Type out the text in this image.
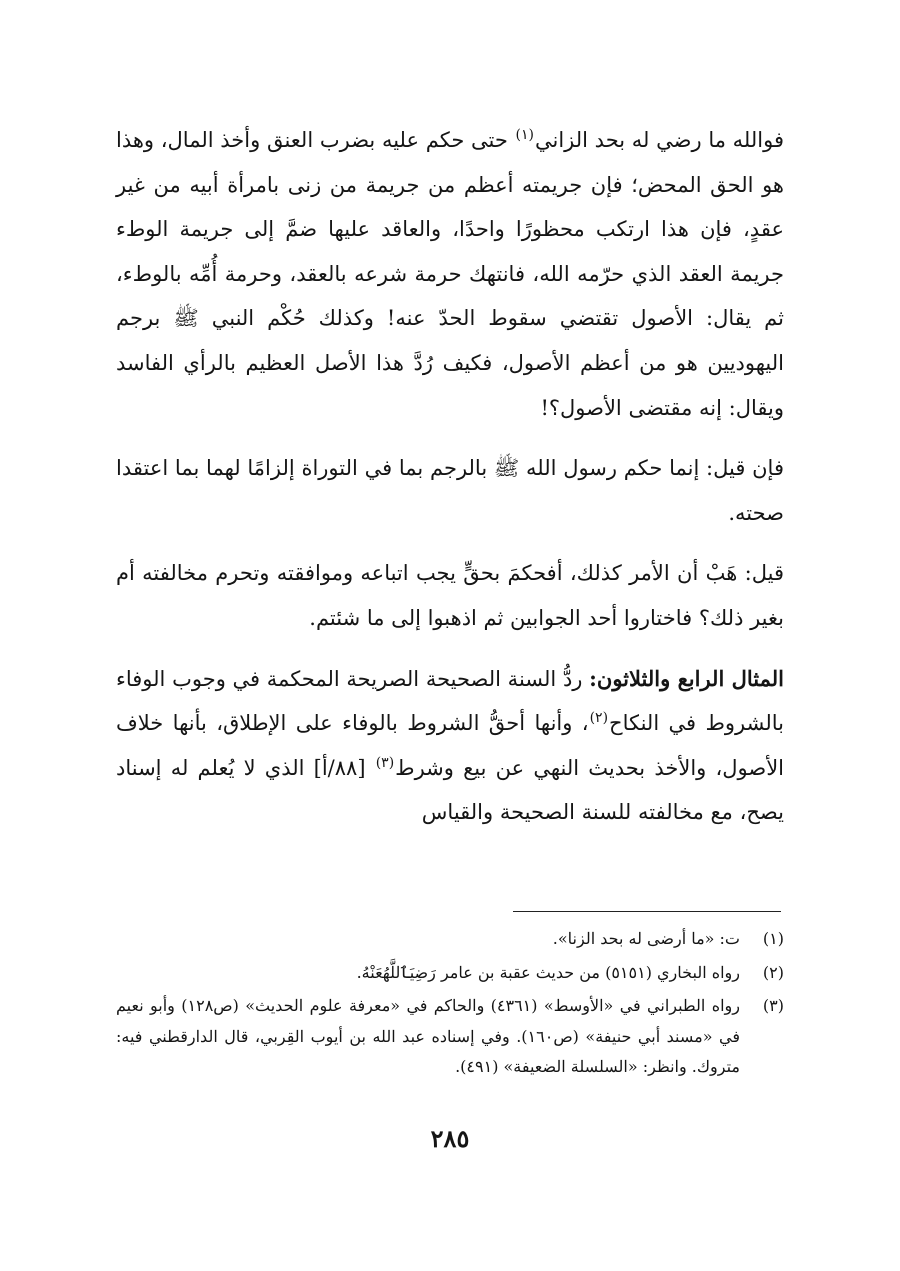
فوالله ما رضي له بحد الزاني$^{(١)}$ حتى حكم عليه بضرب العنق وأخذ المال، وهذا هو الحق المحض؛ فإن جريمته أعظم من جريمة من زنى بامرأة أبيه من غير عقدٍ، فإن هذا ارتكب محظورًا واحدًا، والعاقد عليها ضمَّ إلى جريمة الوطء جريمة العقد الذي حرّمه الله، فانتهك حرمة شرعه بالعقد، وحرمة أُمِّه بالوطء، ثم يقال: الأصول تقتضي سقوط الحدّ عنه! وكذلك حُكْم النبي ﷺ برجم اليهوديين هو من أعظم الأصول، فكيف رُدَّ هذا الأصل العظيم بالرأي الفاسد ويقال: إنه مقتضى الأصول؟!

فإن قيل: إنما حكم رسول الله ﷺ بالرجم بما في التوراة إلزامًا لهما بما اعتقدا صحته.

قيل: هَبْ أن الأمر كذلك، أفحكمَ بحقٍّ يجب اتباعه وموافقته وتحرم مخالفته أم بغير ذلك؟ فاختاروا أحد الجوابين ثم اذهبوا إلى ما شئتم.

المثال الرابع والثلاثون: ردُّ السنة الصحيحة الصريحة المحكمة في وجوب الوفاء بالشروط في النكاح$^{(٢)}$، وأنها أحقُّ الشروط بالوفاء على الإطلاق، بأنها خلاف الأصول، والأخذ بحديث النهي عن بيع وشرط$^{(٣)}$ [٨٨/أ] الذي لا يُعلم له إسناد يصح، مع مخالفته للسنة الصحيحة والقياس

(١)
ت: «ما أرضى له بحد الزنا».

(٢)
رواه البخاري (٥١٥١) من حديث عقبة بن عامر رَضِيَٱللَّهُعَنْهُ.

(٣)
رواه الطبراني في «الأوسط» (٤٣٦١) والحاكم في «معرفة علوم الحديث» (ص١٢٨) وأبو نعيم في «مسند أبي حنيفة» (ص١٦٠). وفي إسناده عبد الله بن أيوب القِربي، قال الدارقطني فيه: متروك. وانظر: «السلسلة الضعيفة» (٤٩١).

٢٨٥
